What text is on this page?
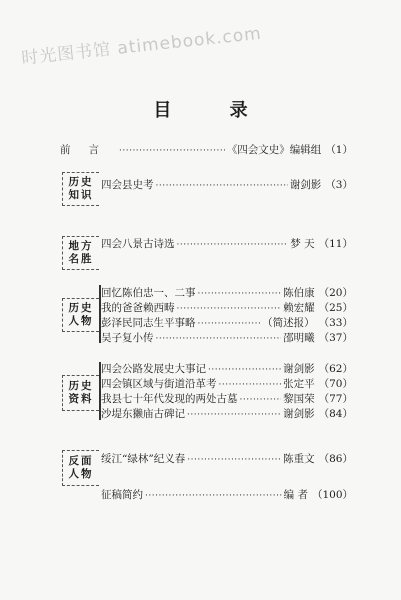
时光图书馆 atimebook.com
目 录
前言 ·····	《四会文史》编辑组 （1）
历史
知识
四会县史考 ·····	谢剑影 （3）
地方
名胜
四会八景古诗选 ·····	梦 天 （11）
历史
人物
回忆陈伯忠一、二事 ·····	陈伯康 （20）
我的爸爸赖西畴 ·····	赖宏耀 （25）
彭泽民同志生平事略 ·····	（简述报） （33）
吴子复小传 ·····	邵明曦 （37）
历史
资料
四会公路发展史大事记 ·····	谢剑影 （62）
四会镇区域与街道沿革考 ·····	张定平 （70）
我县七十年代发现的两处古墓 ·····	黎国荣 （77）
沙堤东獭庙古碑记 ·····	谢剑影 （84）
反面
人物
绥江“绿林”纪义春 ·····	陈重文 （86）
征稿简约 ·····	编 者 （100）
